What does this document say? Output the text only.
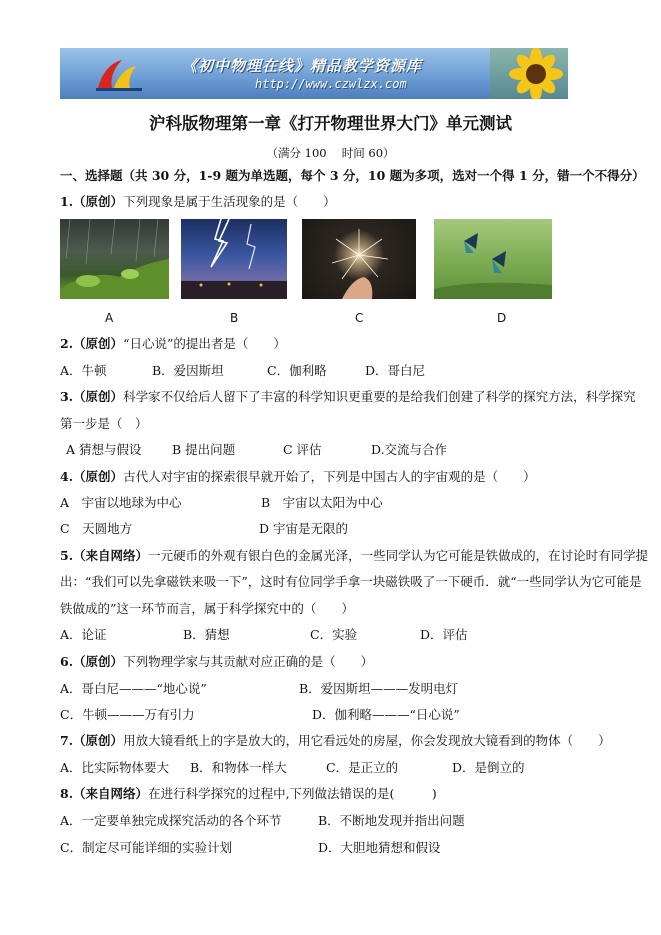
《初中物理在线》精品教学资源库
http://www.czwlzx.com
沪科版物理第一章《打开物理世界大门》单元测试
（满分 100　 时间 60）
一、选择题（共 30 分，1-9 题为单选题，每个 3 分，10 题为多项，选对一个得 1 分，错一个不得分）
1.（原创）下列现象是属于生活现象的是（　　）
A	B	C	D
2.（原创）“日心说”的提出者是（　　）
A．牛顿	B．爱因斯坦	C．伽利略	D．哥白尼
3.（原创）科学家不仅给后人留下了丰富的科学知识更重要的是给我们创建了科学的探究方法，科学探究
第一步是（　）
A 猜想与假设 B 提出问题	C 评估	D.交流与合作
4.（原创）古代人对宇宙的探索很早就开始了，下列是中国古人的宇宙观的是（　　）
A　宇宙以地球为中心	B　宇宙以太阳为中心
C　天圆地方	D 宇宙是无限的
5.（来自网络）一元硬币的外观有银白色的金属光泽，一些同学认为它可能是铁做成的，在讨论时有同学提
出：“我们可以先拿磁铁来吸一下”，这时有位同学手拿一块磁铁吸了一下硬币．就“一些同学认为它可能是
铁做成的”这一环节而言，属于科学探究中的（　　）
A．论证	B．猜想	C．实验	D．评估
6.（原创）下列物理学家与其贡献对应正确的是（　　）
A．哥白尼———“地心说”	B．爱因斯坦———发明电灯
C．牛顿———万有引力	D．伽利略———“日心说”
7.（原创）用放大镜看纸上的字是放大的，用它看远处的房屋，你会发现放大镜看到的物体（　　）
A．比实际物体要大 B．和物体一样大	C．是正立的	D．是倒立的
8.（来自网络）在进行科学探究的过程中,下列做法错误的是(　　　)
A．一定要单独完成探究活动的各个环节	B．不断地发现并指出问题
C．制定尽可能详细的实验计划	D．大胆地猜想和假设
